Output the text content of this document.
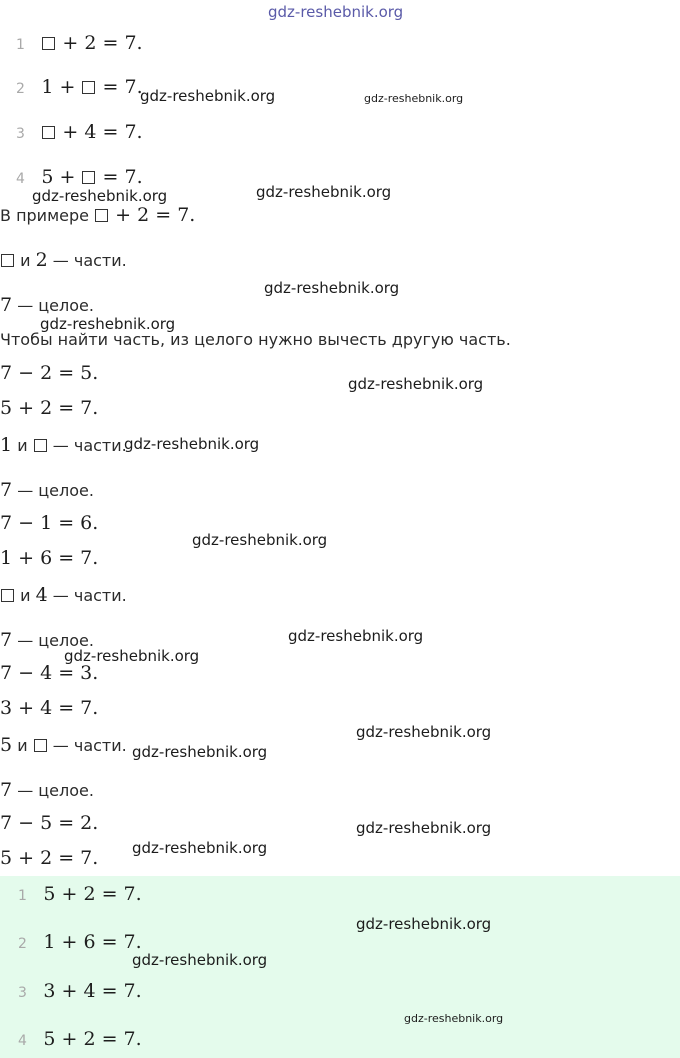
gdz-reshebnik.org
1 + 2 = 7.
2 1 + = 7.
3 + 4 = 7.
4 5 + = 7.
В примере + 2 = 7.
и 2 — части.
7 — целое.
Чтобы найти часть, из целого нужно вычесть другую часть.
7 − 2 = 5.
5 + 2 = 7.
1 и — части.
7 — целое.
7 − 1 = 6.
1 + 6 = 7.
и 4 — части.
7 — целое.
7 − 4 = 3.
3 + 4 = 7.
5 и — части.
7 — целое.
7 − 5 = 2.
5 + 2 = 7.
1 5 + 2 = 7.
2 1 + 6 = 7.
3 3 + 4 = 7.
4 5 + 2 = 7.
gdz-reshebnik.org	gdz-reshebnik.org
gdz-reshebnik.org	gdz-reshebnik.org
gdz-reshebnik.org
gdz-reshebnik.org
gdz-reshebnik.org
gdz-reshebnik.org
gdz-reshebnik.org
gdz-reshebnik.org
gdz-reshebnik.org
gdz-reshebnik.org
gdz-reshebnik.org
gdz-reshebnik.org
gdz-reshebnik.org
gdz-reshebnik.org
gdz-reshebnik.org
gdz-reshebnik.org
